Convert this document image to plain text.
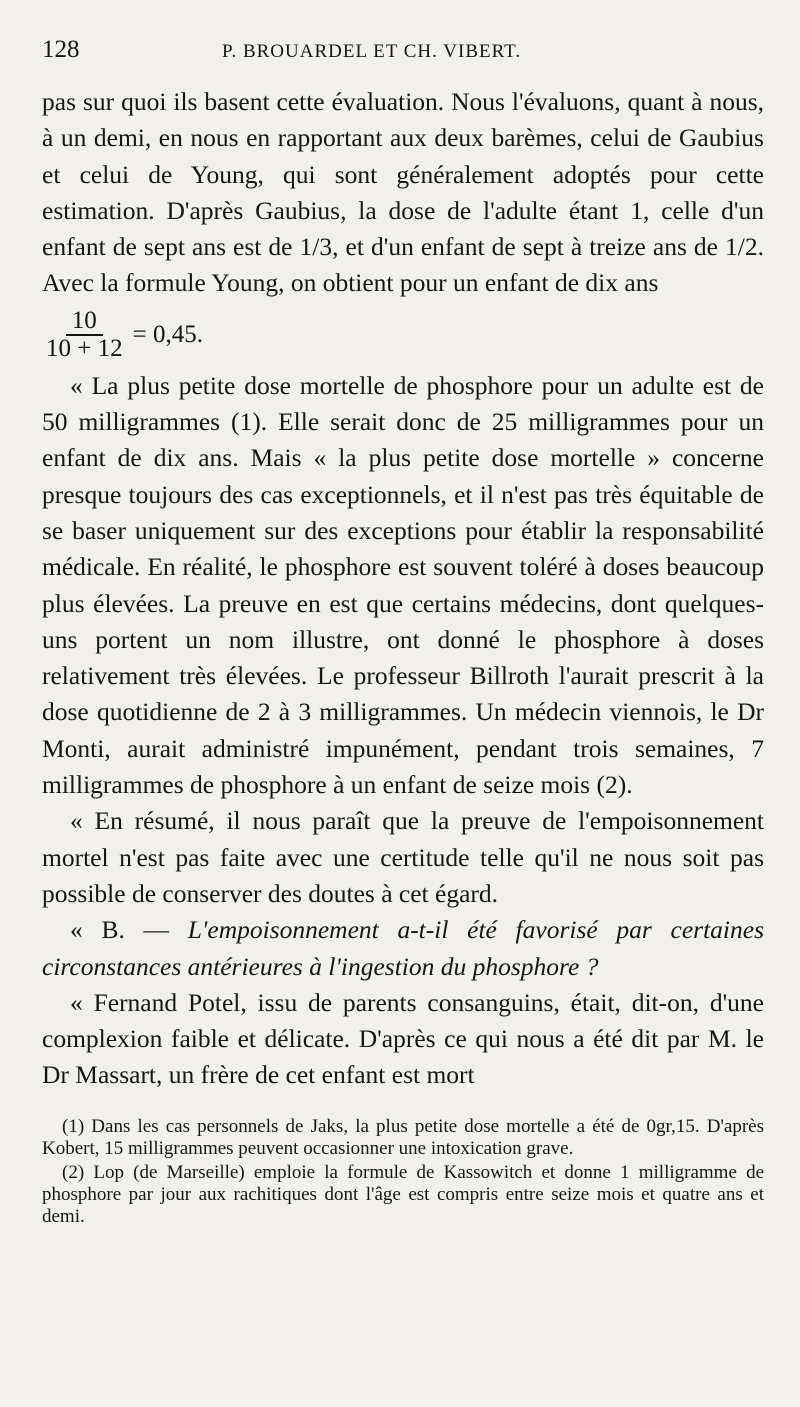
128	P. BROUARDEL ET CH. VIBERT.

pas sur quoi ils basent cette évaluation. Nous l'évaluons, quant à nous, à un demi, en nous en rapportant aux deux barèmes, celui de Gaubius et celui de Young, qui sont généralement adoptés pour cette estimation. D'après Gaubius, la dose de l'adulte étant 1, celle d'un enfant de sept ans est de 1/3, et d'un enfant de sept à treize ans de 1/2. Avec la formule Young, on obtient pour un enfant de dix ans

$\frac{10}{10 + 12} = 0,45$.

« La plus petite dose mortelle de phosphore pour un adulte est de 50 milligrammes (1). Elle serait donc de 25 milligrammes pour un enfant de dix ans. Mais « la plus petite dose mortelle » concerne presque toujours des cas exceptionnels, et il n'est pas très équitable de se baser uniquement sur des exceptions pour établir la responsabilité médicale. En réalité, le phosphore est souvent toléré à doses beaucoup plus élevées. La preuve en est que certains médecins, dont quelques-uns portent un nom illustre, ont donné le phosphore à doses relativement très élevées. Le professeur Billroth l'aurait prescrit à la dose quotidienne de 2 à 3 milligrammes. Un médecin viennois, le Dr Monti, aurait administré impunément, pendant trois semaines, 7 milligrammes de phosphore à un enfant de seize mois (2).

« En résumé, il nous paraît que la preuve de l'empoisonnement mortel n'est pas faite avec une certitude telle qu'il ne nous soit pas possible de conserver des doutes à cet égard.

« B. — L'empoisonnement a-t-il été favorisé par certaines circonstances antérieures à l'ingestion du phosphore ?

« Fernand Potel, issu de parents consanguins, était, dit-on, d'une complexion faible et délicate. D'après ce qui nous a été dit par M. le Dr Massart, un frère de cet enfant est mort

(1) Dans les cas personnels de Jaks, la plus petite dose mortelle a été de 0gr,15. D'après Kobert, 15 milligrammes peuvent occasionner une intoxication grave.

(2) Lop (de Marseille) emploie la formule de Kassowitch et donne 1 milligramme de phosphore par jour aux rachitiques dont l'âge est compris entre seize mois et quatre ans et demi.
